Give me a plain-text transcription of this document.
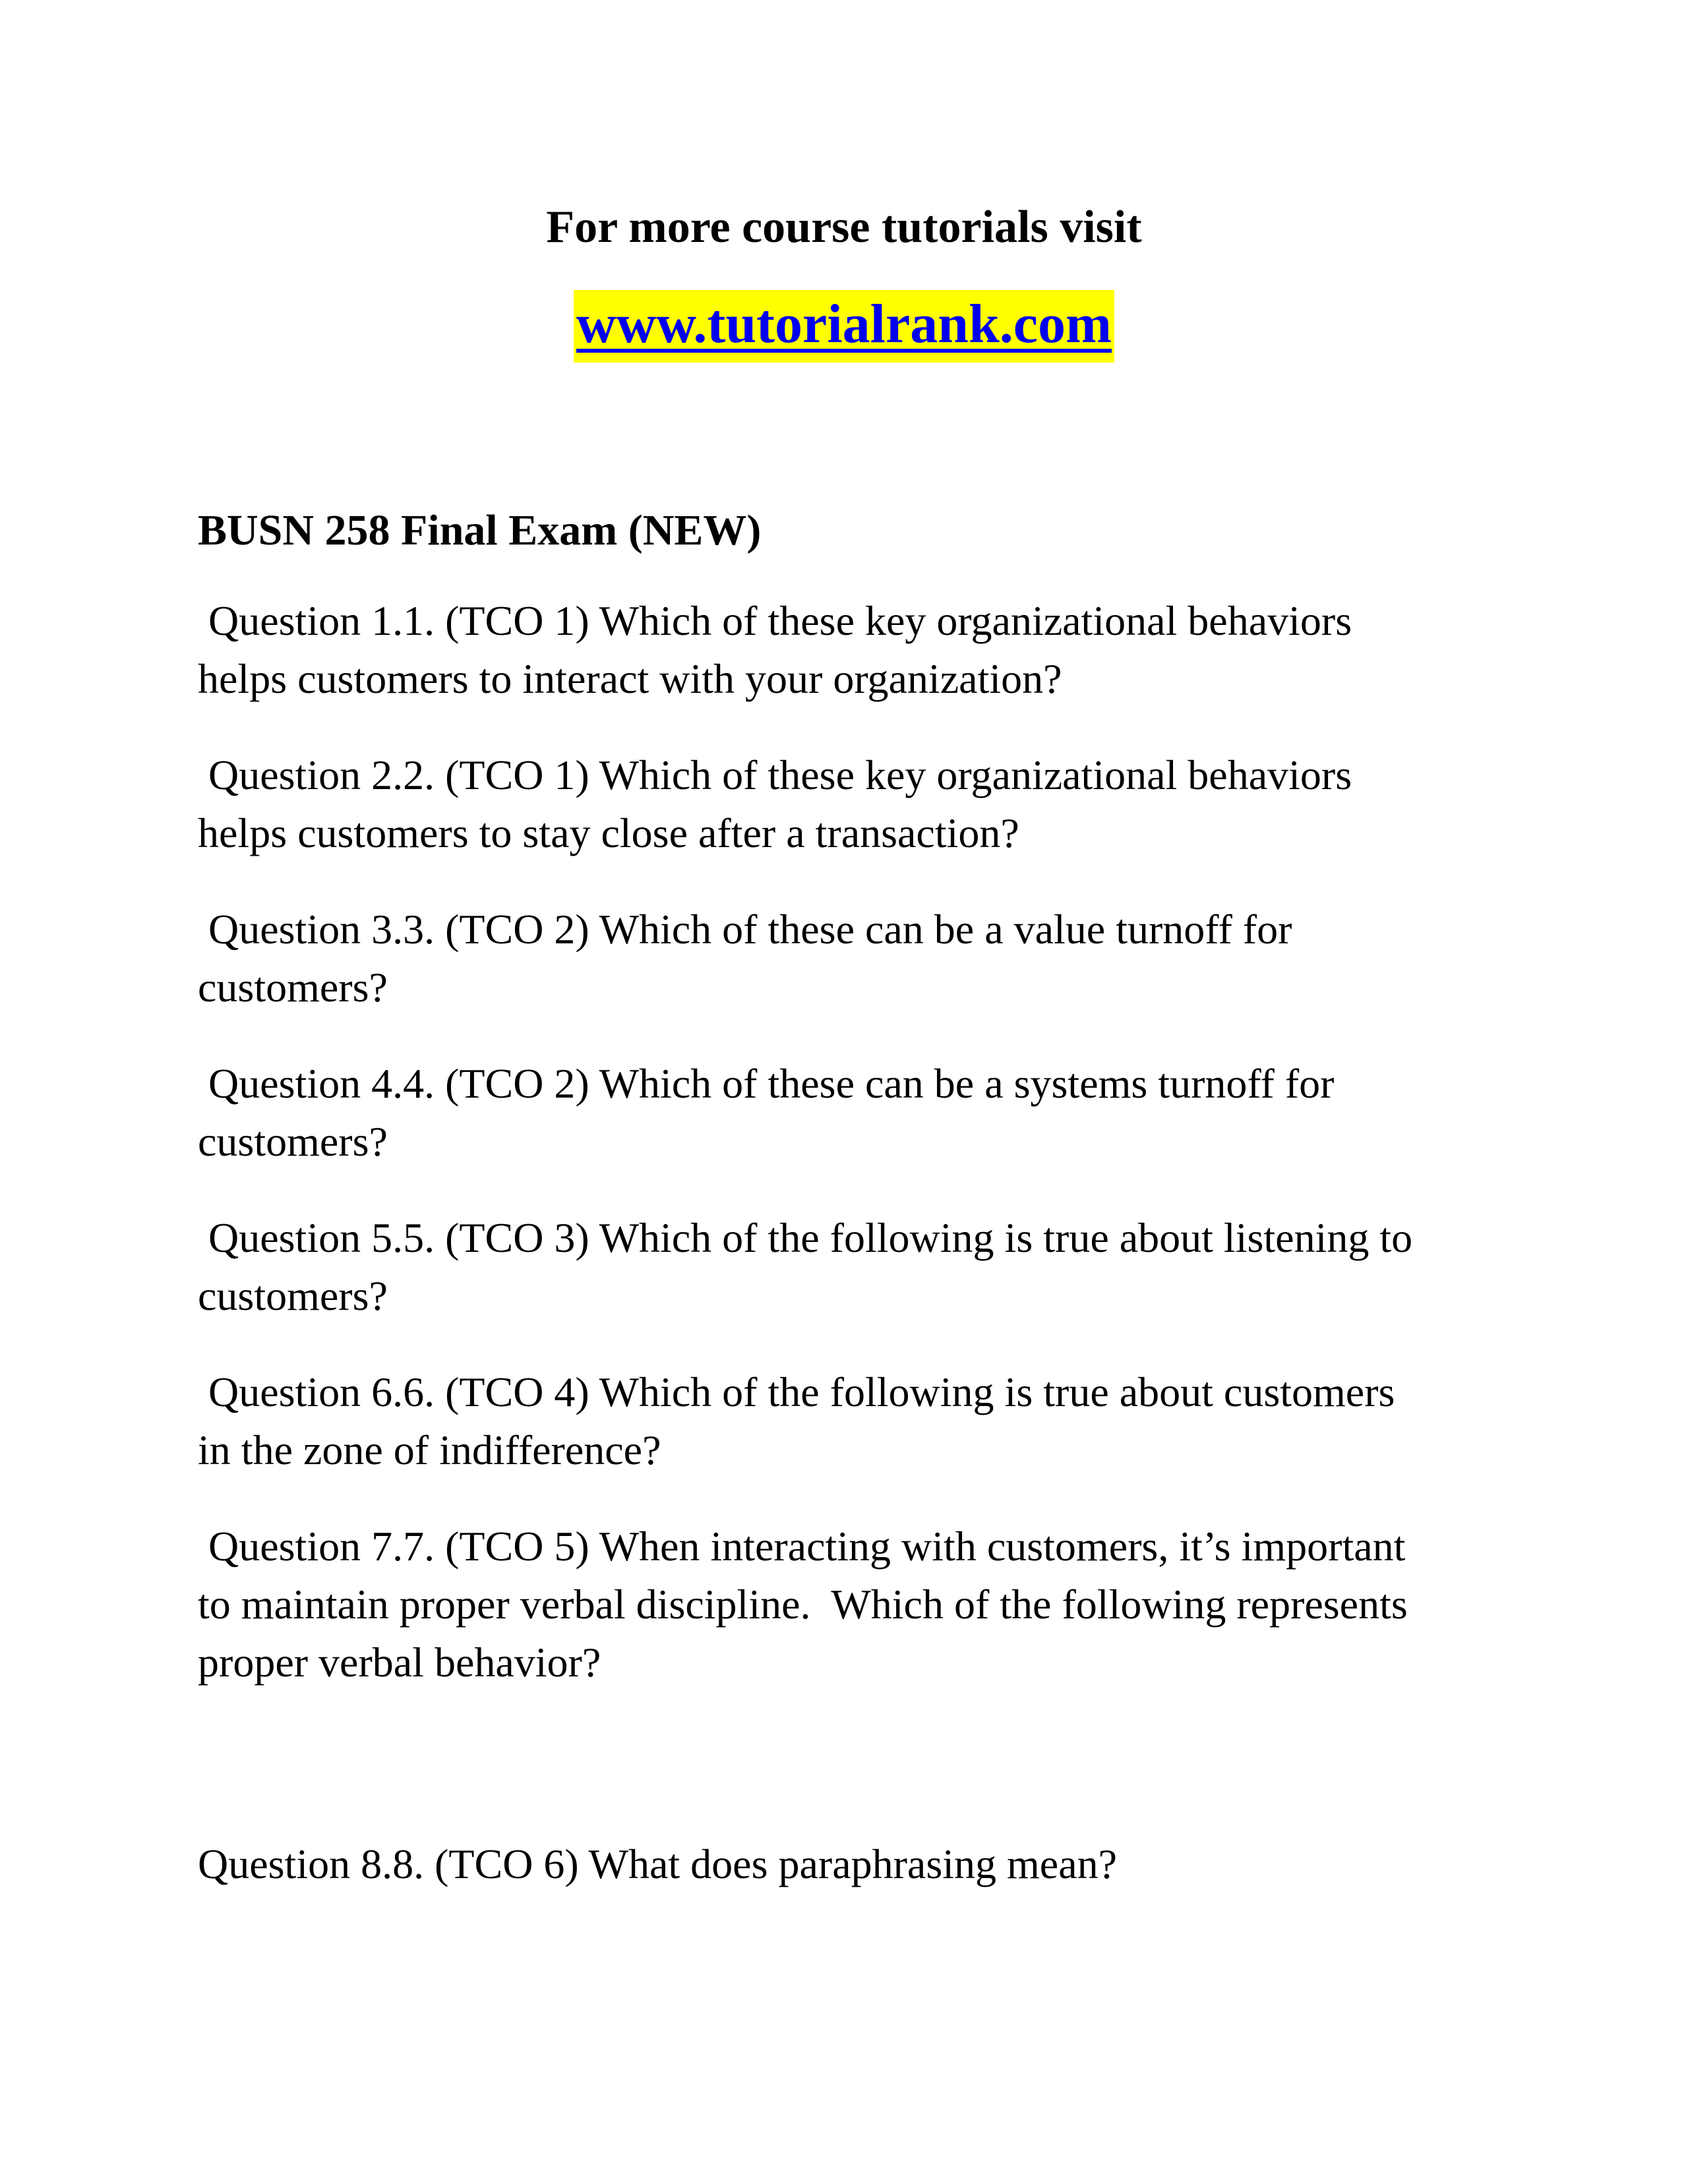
For more course tutorials visit
www.tutorialrank.com
BUSN 258 Final Exam (NEW)
Question 1.1. (TCO 1) Which of these key organizational behaviors
helps customers to interact with your organization?
Question 2.2. (TCO 1) Which of these key organizational behaviors
helps customers to stay close after a transaction?
Question 3.3. (TCO 2) Which of these can be a value turnoff for
customers?
Question 4.4. (TCO 2) Which of these can be a systems turnoff for
customers?
Question 5.5. (TCO 3) Which of the following is true about listening to
customers?
Question 6.6. (TCO 4) Which of the following is true about customers
in the zone of indifference?
Question 7.7. (TCO 5) When interacting with customers, it’s important
to maintain proper verbal discipline.  Which of the following represents
proper verbal behavior?
Question 8.8. (TCO 6) What does paraphrasing mean?
